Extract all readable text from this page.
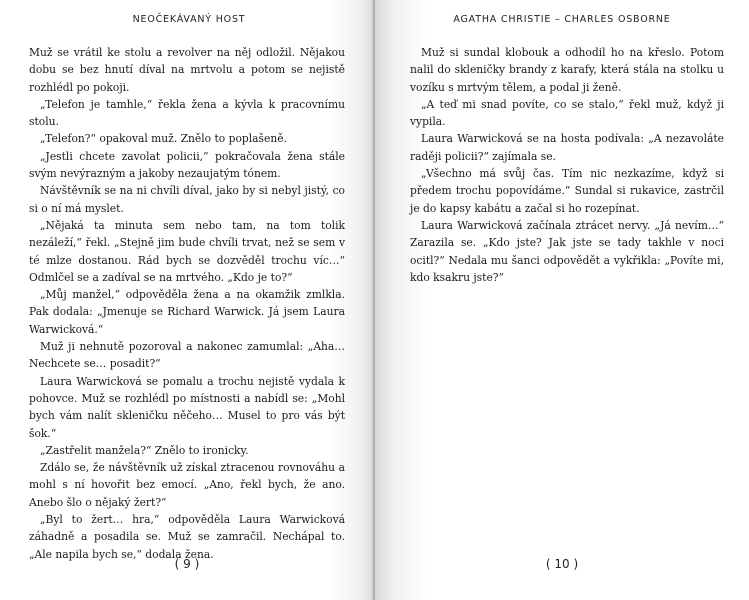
NEOČEKÁVANÝ HOST

Muž se vrátil ke stolu a revolver na něj odložil. Nějakou dobu se bez hnutí díval na mrtvolu a potom se nejistě rozhlédl po pokoji.

„Telefon je tamhle,“ řekla žena a kývla k pracovnímu stolu.

„Telefon?“ opakoval muž. Znělo to poplašeně.

„Jestli chcete zavolat policii,“ pokračovala žena stále svým nevýrazným a jakoby nezaujatým tónem.

Návštěvník se na ni chvíli díval, jako by si nebyl jistý, co si o ní má myslet.

„Nějaká ta minuta sem nebo tam, na tom tolik nezáleží,“ řekl. „Stejně jim bude chvíli trvat, než se sem v té mlze dostanou. Rád bych se dozvěděl trochu víc…“ Odmlčel se a zadíval se na mrtvého. „Kdo je to?“

„Můj manžel,“ odpověděla žena a na okamžik zmlkla. Pak dodala: „Jmenuje se Richard Warwick. Já jsem Laura Warwicková.“

Muž ji nehnutě pozoroval a nakonec zamumlal: „Aha… Nechcete se… posadit?“

Laura Warwicková se pomalu a trochu nejistě vydala k pohovce. Muž se rozhlédl po místnosti a nabídl se: „Mohl bych vám nalít skleničku něčeho… Musel to pro vás být šok.“

„Zastřelit manžela?“ Znělo to ironicky.

Zdálo se, že návštěvník už získal ztracenou rovnováhu a mohl s ní hovořit bez emocí. „Ano, řekl bych, že ano. Anebo šlo o nějaký žert?“

„Byl to žert… hra,“ odpověděla Laura Warwicková záhadně a posadila se. Muž se zamračil. Nechápal to. „Ale napila bych se,“ dodala žena.

( 9 )
AGATHA CHRISTIE – CHARLES OSBORNE

Muž si sundal klobouk a odhodil ho na křeslo. Potom nalil do skleničky brandy z karafy, která stála na stolku u vozíku s mrtvým tělem, a podal ji ženě.

„A teď mi snad povíte, co se stalo,“ řekl muž, když ji vypila.

Laura Warwicková se na hosta podívala: „A nezavoláte raději policii?“ zajímala se.

„Všechno má svůj čas. Tím nic nezkazíme, když si předem trochu popovídáme.“ Sundal si rukavice, zastrčil je do kapsy kabátu a začal si ho rozepínat.

Laura Warwicková začínala ztrácet nervy. „Já nevím…“ Zarazila se. „Kdo jste? Jak jste se tady takhle v noci ocitl?“ Nedala mu šanci odpovědět a vykřikla: „Povíte mi, kdo ksakru jste?“

( 10 )
